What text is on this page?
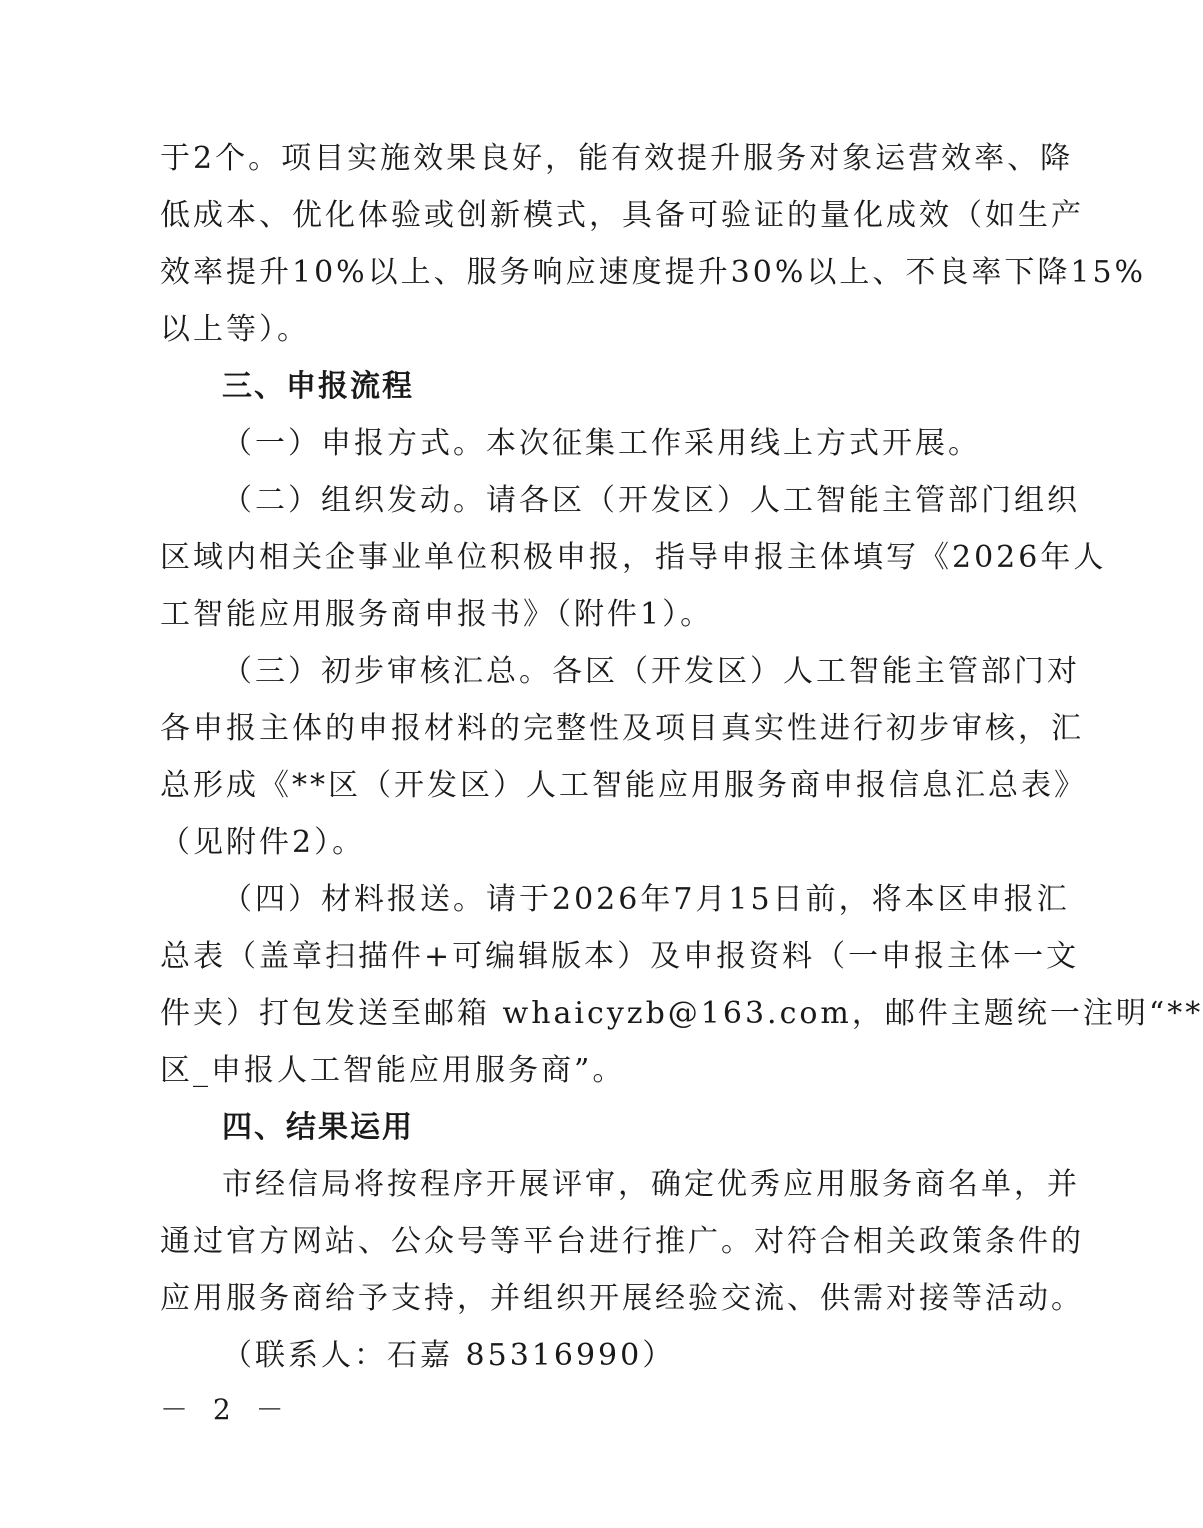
于2个。项目实施效果良好，能有效提升服务对象运营效率、降
低成本、优化体验或创新模式，具备可验证的量化成效（如生产
效率提升10%以上、服务响应速度提升30%以上、不良率下降15%
以上等）。
三、申报流程
（一）申报方式。本次征集工作采用线上方式开展。
（二）组织发动。请各区（开发区）人工智能主管部门组织
区域内相关企事业单位积极申报，指导申报主体填写《2026年人
工智能应用服务商申报书》（附件1）。
（三）初步审核汇总。各区（开发区）人工智能主管部门对
各申报主体的申报材料的完整性及项目真实性进行初步审核，汇
总形成《**区（开发区）人工智能应用服务商申报信息汇总表》
（见附件2）。
（四）材料报送。请于2026年7月15日前，将本区申报汇
总表（盖章扫描件+可编辑版本）及申报资料（一申报主体一文
件夹）打包发送至邮箱 whaicyzb@163.com，邮件主题统一注明“**
区_申报人工智能应用服务商”。
四、结果运用
市经信局将按程序开展评审，确定优秀应用服务商名单，并
通过官方网站、公众号等平台进行推广。对符合相关政策条件的
应用服务商给予支持，并组织开展经验交流、供需对接等活动。
（联系人：石嘉 85316990）
－ 2 －
